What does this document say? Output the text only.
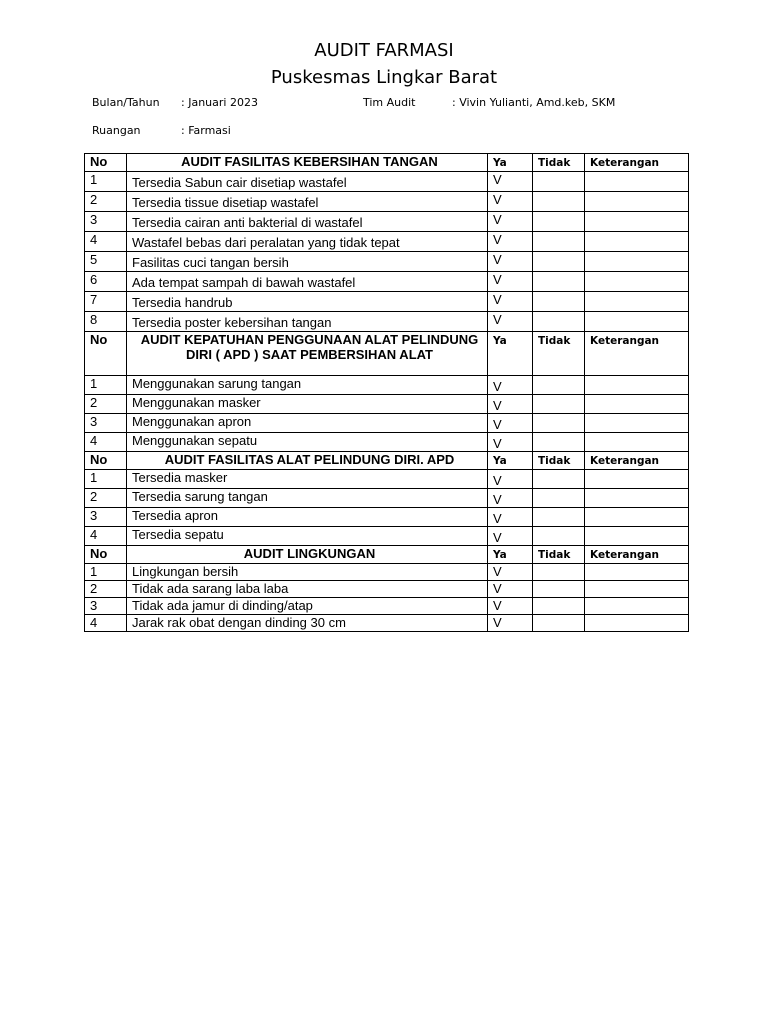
AUDIT FARMASI
Puskesmas Lingkar Barat
Bulan/Tahun : Januari 2023	Tim Audit	: Vivin Yulianti, Amd.keb, SKM
Ruangan	: Farmasi
No	AUDIT FASILITAS KEBERSIHAN TANGAN	Ya	Tidak	Keterangan
1	Tersedia Sabun cair disetiap wastafel	V		
2	Tersedia tissue disetiap wastafel	V		
3	Tersedia cairan anti bakterial di wastafel	V		
4	Wastafel bebas dari peralatan yang tidak tepat	V		
5	Fasilitas cuci tangan bersih	V		
6	Ada tempat sampah di bawah wastafel	V		
7	Tersedia handrub	V		
8	Tersedia poster kebersihan tangan	V		
No	AUDIT KEPATUHAN PENGGUNAAN ALAT PELINDUNG DIRI ( APD ) SAAT PEMBERSIHAN ALAT	Ya	Tidak	Keterangan
1	Menggunakan sarung tangan	V		
2	Menggunakan masker	V		
3	Menggunakan apron	V		
4	Menggunakan sepatu	V		
No	AUDIT FASILITAS ALAT PELINDUNG DIRI. APD	Ya	Tidak	Keterangan
1	Tersedia masker	V		
2	Tersedia sarung tangan	V		
3	Tersedia apron	V		
4	Tersedia sepatu	V		
No	AUDIT LINGKUNGAN	Ya	Tidak	Keterangan
1	Lingkungan bersih	V		
2	Tidak ada sarang laba laba	V		
3	Tidak ada jamur di dinding/atap	V		
4	Jarak rak obat dengan dinding 30 cm	V		
